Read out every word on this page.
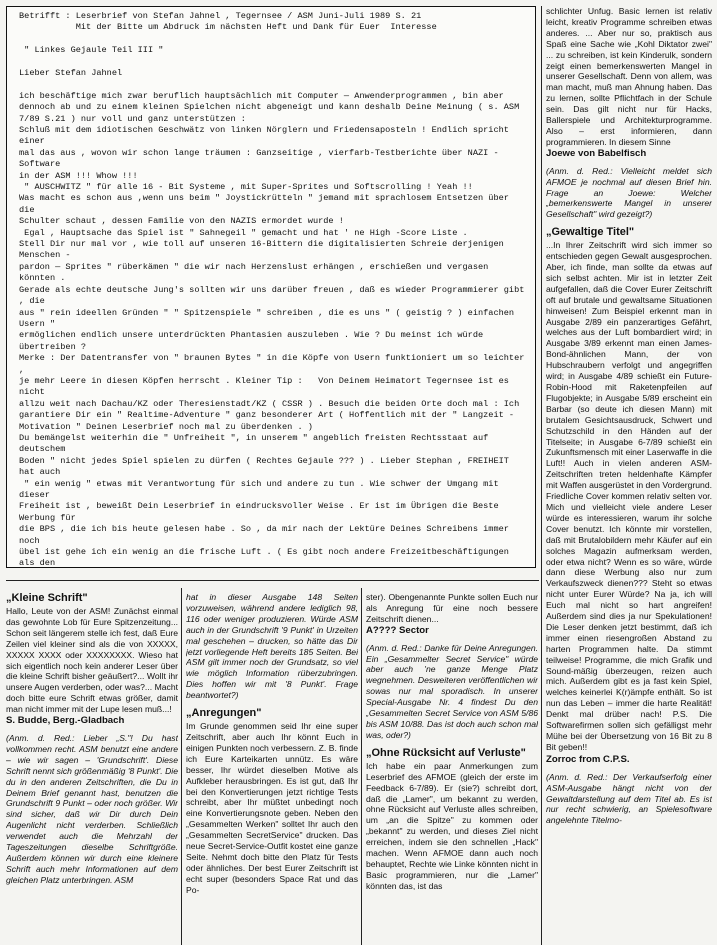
Betrifft : Leserbrief von Stefan Jahnel , Tegernsee / ASM Juni-Juli 1989 S. 21

Mit der Bitte um Abdruck im nächsten Heft und Dank für Euer  Interesse

" Linkes Gejaule Teil III "

Lieber Stefan Jahnel

ich beschäftige mich zwar beruflich hauptsächlich mit Computer — Anwenderprogrammen , bin aber

dennoch ab und zu einem kleinen Spielchen nicht abgeneigt und kann deshalb Deine Meinung ( s. ASM

7/89 S.21 ) nur voll und ganz unterstützen :

Schluß mit dem idiotischen Geschwätz von linken Nörglern und Friedensaposteln ! Endlich spricht einer

mal das aus , wovon wir schon lange träumen : Ganzseitige , vierfarb-Testberichte über NAZI - Software

in der ASM !!! Whow !!!

" AUSCHWITZ " für alle 16 - Bit Systeme , mit Super-Sprites und Softscrolling ! Yeah !!

Was macht es schon aus ,wenn uns beim " Joystickrütteln " jemand mit sprachlosem Entsetzen über die

Schulter schaut , dessen Familie von den NAZIS ermordet wurde !

Egal , Hauptsache das Spiel ist " Sahnegeil " gemacht und hat ' ne High -Score Liste .

Stell Dir nur mal vor , wie toll auf unseren 16-Bittern die digitalisierten Schreie derjenigen Menschen -

pardon — Sprites " rüberkämen " die wir nach Herzenslust erhängen , erschießen und vergasen könnten .

Gerade als echte deutsche Jung's sollten wir uns darüber freuen , daß es wieder Programmierer gibt , die

aus " rein ideellen Gründen " " Spitzenspiele " schreiben , die es uns " ( geistig ? ) einfachen Usern "

ermöglichen endlich unsere unterdrückten Phantasien auszuleben . Wie ? Du meinst ich würde übertreiben ?

Merke : Der Datentransfer von " braunen Bytes " in die Köpfe von Usern funktioniert um so leichter ,

je mehr Leere in diesen Köpfen herrscht . Kleiner Tip :   Von Deinem Heimatort Tegernsee ist es nicht

allzu weit nach Dachau/KZ oder Theresienstadt/KZ ( CSSR ) . Besuch die beiden Orte doch mal : Ich

garantiere Dir ein " Realtime-Adventure " ganz besonderer Art ( Hoffentlich mit der " Langzeit -

Motivation " Deinen Leserbrief noch mal zu überdenken . )

Du bemängelst weiterhin die " Unfreiheit ", in unserem " angeblich freisten Rechtsstaat auf deutschem

Boden " nicht jedes Spiel spielen zu dürfen ( Rechtes Gejaule ??? ) . Lieber Stephan , FREIHEIT hat auch

" ein wenig " etwas mit Verantwortung für sich und andere zu tun . Wie schwer der Umgang mit dieser

Freiheit ist , beweißt Dein Leserbrief in eindrucksvoller Weise . Er ist im Übrigen die Beste Werbung für

die BPS , die ich bis heute gelesen habe . So , da mir nach der Lektüre Deines Schreibens immer noch

übel ist gehe ich ein wenig an die frische Luft . ( Es gibt noch andere Freizeitbeschäftigungen als den

„Kleine Schrift"

Hallo, Leute von der ASM! Zunächst einmal das gewohnte Lob für Eure Spitzenzeitung... Schon seit längerem stelle ich fest, daß Eure Zeilen viel kleiner sind als die von XXXXX, XXXXX XXXX oder XXXXXXXX. Wieso hat sich eigentlich noch kein anderer Leser über die kleine Schrift bisher geäußert?... Wollt ihr unsere Augen verderben, oder was?... Macht doch bitte eure Schrift etwas größer, damit man nicht immer mit der Lupe lesen muß...!

S. Budde, Berg.-Gladbach

(Anm. d. Red.: Lieber „S."! Du hast vollkommen recht. ASM benutzt eine andere – wie wir sagen – 'Grundschrift'. Diese Schrift nennt sich größenmäßig '8 Punkt'. Die du in den anderen Zeitschriften, die Du in Deinem Brief genannt hast, benutzen die Grundschrift 9 Punkt – oder noch größer. Wir sind sicher, daß wir Dir durch Dein Augenlicht nicht verderben. Schließlich verwendet auch die Mehrzahl der Tageszeitungen dieselbe Schriftgröße. Außerdem können wir durch eine kleinere Schrift auch mehr Informationen auf dem gleichen Platz unterbringen. ASM

hat in dieser Ausgabe 148 Seiten vorzuweisen, während andere lediglich 98, 116 oder weniger produzieren. Würde ASM auch in der Grundschrift '9 Punkt' in Urzeiten mal geschehen – drucken, so hätte das Dir jetzt vorliegende Heft bereits 185 Seiten. Bei ASM gilt immer noch der Grundsatz, so viel wie möglich Information rüberzubringen. Dies hoffen wir mit '8 Punkt'. Frage beantwortet?)

„Anregungen"

Im Grunde genommen seid Ihr eine super Zeitschrift, aber auch Ihr könnt Euch in einigen Punkten noch verbessern. Z. B. finde ich Eure Karteikarten unnütz. Es wäre besser, Ihr würdet dieselben Motive als Aufkleber herausbringen. Es ist gut, daß Ihr bei den Konvertierungen jetzt richtige Tests schreibt, aber Ihr müßtet unbedingt noch eine Konvertierungsnote geben. Neben den „Gesammelten Werken" solltet Ihr auch den „Gesammelten SecretService" drucken. Das neue Secret-Service-Outfit kostet eine ganze Seite. Nehmt doch bitte den Platz für Tests oder ähnliches. Der best Eurer Zeitschrift ist echt super (besonders Space Rat und das Po-

ster). Obengenannte Punkte sollen Euch nur als Anregung für eine noch bessere Zeitschrift dienen...

A???? Sector

(Anm. d. Red.: Danke für Deine Anregungen. Ein „Gesammelter Secret Service" würde aber auch 'ne ganze Menge Platz wegnehmen. Desweiteren veröffentlichen wir sowas nur mal sporadisch. In unserer Special-Ausgabe Nr. 4 findest Du den „Gesammelten Secret Service von ASM 5/86 bis ASM 10/88. Das ist doch auch schon mal was, oder?)

„Ohne Rücksicht auf Verluste"

Ich habe ein paar Anmerkungen zum Leserbrief des AFMOE (gleich der erste im Feedback 6-7/89). Er (sie?) schreibt dort, daß die „Lamer", um bekannt zu werden, ohne Rücksicht auf Verluste alles schreiben, um „an die Spitze" zu kommen oder „bekannt" zu werden, und dieses Ziel nicht erreichen, indem sie den schnellen „Hack" machen. Wenn AFMOE dann auch noch behauptet, Rechte wie Linke könnten nicht in Basic programmieren, nur die „Lamer" könnten das, ist das

schlichter Unfug. Basic lernen ist relativ leicht, kreativ Programme schreiben etwas anderes. ... Aber nur so, praktisch aus Spaß eine Sache wie „Kohl Diktator zwei" ... zu schreiben, ist kein Kinderulk, sondern zeigt einen bemerkenswerten Mangel in unserer Gesellschaft. Denn von allem, was man macht, muß man Ahnung haben. Das zu lernen, sollte Pflichtfach in der Schule sein. Das gilt nicht nur für Hacks, Ballerspiele und Architekturprogramme. Also – erst informieren, dann programmieren. In diesem Sinne

Joewe von Babelfisch

(Anm. d. Red.: Vielleicht meldet sich AFMOE je nochmal auf diesen Brief hin. Frage an Joewe: Welcher „bemerkenswerte Mangel in unserer Gesellschaft" wird gezeigt?)

„Gewaltige Titel"

...In Ihrer Zeitschrift wird sich immer so entschieden gegen Gewalt ausgesprochen. Aber, ich finde, man sollte da etwas auf sich selbst achten. Mir ist in letzter Zeit aufgefallen, daß die Cover Eurer Zeitschrift oft auf brutale und gewaltsame Situationen hinweisen! Zum Beispiel erkennt man in Ausgabe 2/89 ein panzerartiges Gefährt, welches aus der Luft bombardiert wird; in Ausgabe 3/89 erkennt man einen James-Bond-ähnlichen Mann, der von Hubschraubern verfolgt und angegriffen wird; in Ausgabe 4/89 schießt ein Future-Robin-Hood mit Raketenpfeilen auf Flugobjekte; in Ausgabe 5/89 erscheint ein Barbar (so deute ich diesen Mann) mit brutalem Gesichtsausdruck, Schwert und Schutzschild in den Händen auf der Titelseite; in Ausgabe 6-7/89 schießt ein Zukunftsmensch mit einer Laserwaffe in die Luft!! Auch in vielen anderen ASM-Zeitschriften treten heldenhafte Kämpfer mit Waffen ausgerüstet in den Vordergrund. Friedliche Cover kommen relativ selten vor. Mich und vielleicht viele andere Leser würde es interessieren, warum ihr solche Cover benutzt. Ich könnte mir vorstellen, daß mit Brutalobildern mehr Käufer auf ein solches Magazin aufmerksam werden, oder etwa nicht? Wenn es so wäre, würde dann diese Werbung also nur zum Verkaufszweck dienen??? Steht so etwas nicht unter Eurer Würde? Na ja, ich will Euch mal nicht so hart angreifen! Außerdem sind dies ja nur Spekulationen! Die Leser denken jetzt bestimmt, daß ich immer einen riesengroßen Abstand zu harten Programmen halte. Da stimmt teilweise! Programme, die mich Grafik und Sound-mäßig überzeugen, reizen auch mich. Außerdem gibt es ja fast kein Spiel, welches keinerlei K(r)ämpfe enthält. So ist nun das Leben – immer die harte Realität! Denkt mal drüber nach! P.S. Die Softwarefirmen sollen sich gefälligst mehr Mühe bei der Übersetzung von 16 Bit zu 8 Bit geben!!

Zorroc from C.P.S.

(Anm. d. Red.: Der Verkaufserfolg einer ASM-Ausgabe hängt nicht von der Gewaltdarstellung auf dem Titel ab. Es ist nur recht schwierig, an Spielesoftware angelehnte Titelmo-
